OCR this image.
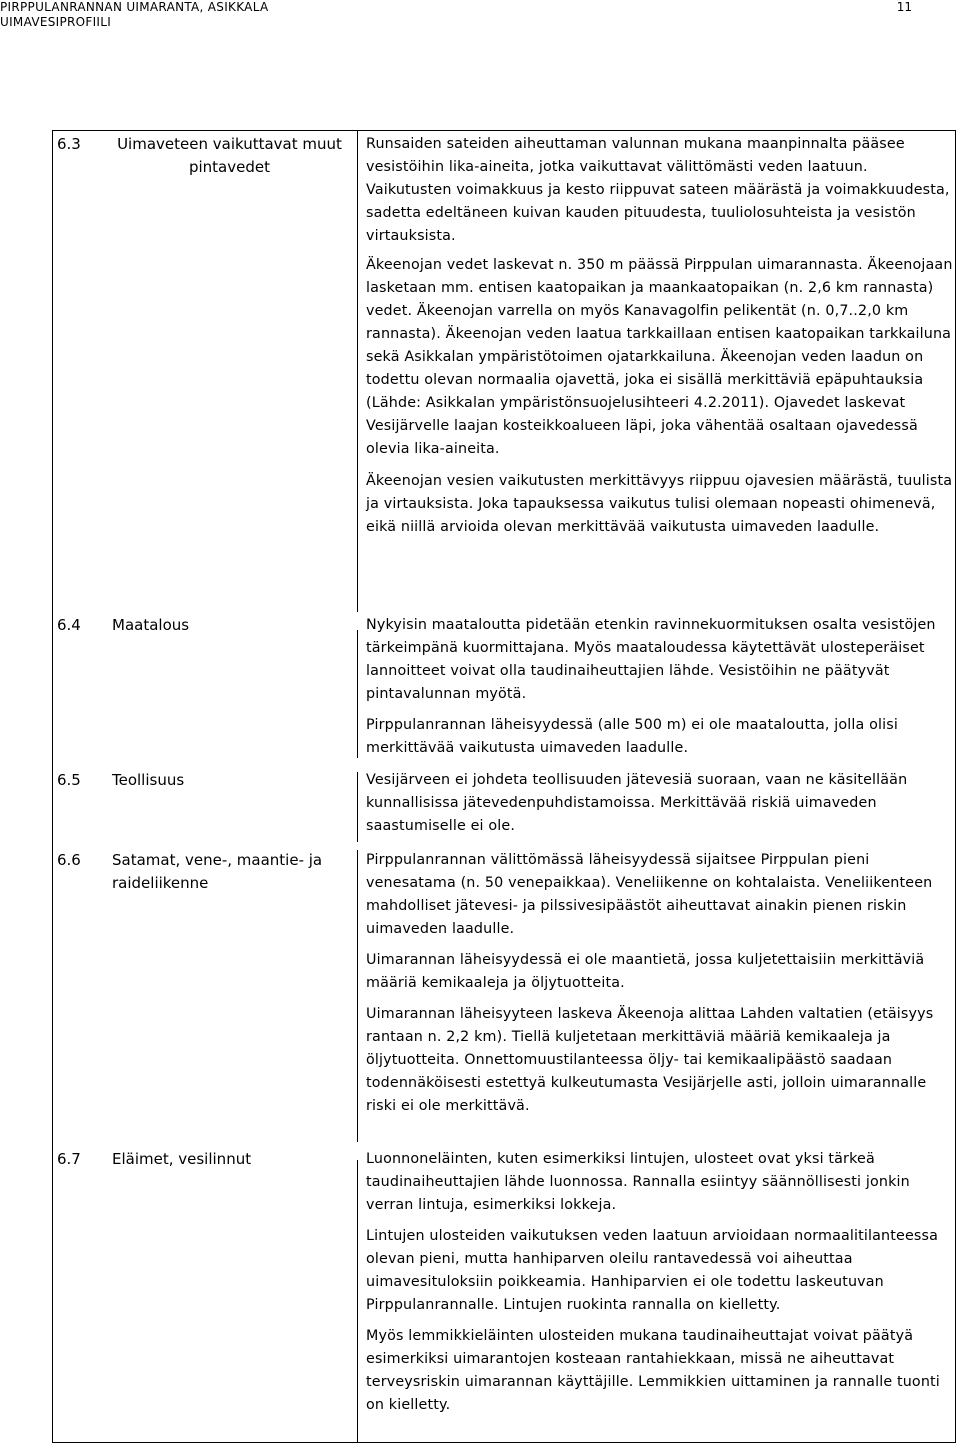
PIRPPULANRANNAN UIMARANTA, ASIKKALA
UIMAVESIPROFIILI
11
6.3	Uimaveteen vaikuttavat muut pintavedet

Runsaiden sateiden aiheuttaman valunnan mukana maanpinnalta pääsee vesistöihin lika-aineita, jotka vaikuttavat välittömästi veden laatuun. Vaikutusten voimakkuus ja kesto riippuvat sateen määrästä ja voimakkuudesta, sadetta edeltäneen kuivan kauden pituudesta, tuuliolosuhteista ja vesistön virtauksista.

Äkeenojan vedet laskevat n. 350 m päässä Pirppulan uimarannasta. Äkeenojaan lasketaan mm. entisen kaatopaikan ja maankaatopaikan (n. 2,6 km rannasta) vedet. Äkeenojan varrella on myös Kanavagolfin pelikentät (n. 0,7..2,0 km rannasta). Äkeenojan veden laatua tarkkaillaan entisen kaatopaikan tarkkailuna sekä Asikkalan ympäristötoimen ojatarkkailuna. Äkeenojan veden laadun on todettu olevan normaalia ojavettä, joka ei sisällä merkittäviä epäpuhtauksia (Lähde: Asikkalan ympäristönsuojelusihteeri 4.2.2011). Ojavedet laskevat Vesijärvelle laajan kosteikkoalueen läpi, joka vähentää osaltaan ojavedessä olevia lika-aineita.

Äkeenojan vesien vaikutusten merkittävyys riippuu ojavesien määrästä, tuulista ja virtauksista. Joka tapauksessa vaikutus tulisi olemaan nopeasti ohimenevä, eikä niillä arvioida olevan merkittävää vaikutusta uimaveden laadulle.

6.4 Maatalous	Nykyisin maataloutta pidetään etenkin ravinnekuormituksen osalta vesistöjen tärkeimpänä kuormittajana. Myös maataloudessa käytettävät ulosteperäiset lannoitteet voivat olla taudinaiheuttajien lähde. Vesistöihin ne päätyvät pintavalunnan myötä.

Pirppulanrannan läheisyydessä (alle 500 m) ei ole maataloutta, jolla olisi merkittävää vaikutusta uimaveden laadulle.

6.5 Teollisuus	Vesijärveen ei johdeta teollisuuden jätevesiä suoraan, vaan ne käsitellään kunnallisissa jätevedenpuhdistamoissa. Merkittävää riskiä uimaveden saastumiselle ei ole.

6.6 Satamat, vene-, maantie- ja raideliikenne

Pirppulanrannan välittömässä läheisyydessä sijaitsee Pirppulan pieni venesatama (n. 50 venepaikkaa). Veneliikenne on kohtalaista. Veneliikenteen mahdolliset jätevesi- ja pilssivesipäästöt aiheuttavat ainakin pienen riskin uimaveden laadulle.

Uimarannan läheisyydessä ei ole maantietä, jossa kuljetettaisiin merkittäviä määriä kemikaaleja ja öljytuotteita.

Uimarannan läheisyyteen laskeva Äkeenoja alittaa Lahden valtatien (etäisyys rantaan n. 2,2 km). Tiellä kuljetetaan merkittäviä määriä kemikaaleja ja öljytuotteita. Onnettomuustilanteessa öljy- tai kemikaalipäästö saadaan todennäköisesti estettyä kulkeutumasta Vesijärjelle asti, jolloin uimarannalle riski ei ole merkittävä.

6.7 Eläimet, vesilinnut	Luonnoneläinten, kuten esimerkiksi lintujen, ulosteet ovat yksi tärkeä taudinaiheuttajien lähde luonnossa. Rannalla esiintyy säännöllisesti jonkin verran lintuja, esimerkiksi lokkeja.

Lintujen ulosteiden vaikutuksen veden laatuun arvioidaan normaalitilanteessa olevan pieni, mutta hanhiparven oleilu rantavedessä voi aiheuttaa uimavesituloksiin poikkeamia. Hanhiparvien ei ole todettu laskeutuvan Pirppulanrannalle. Lintujen ruokinta rannalla on kielletty.

Myös lemmikkieläinten ulosteiden mukana taudinaiheuttajat voivat päätyä esimerkiksi uimarantojen kosteaan rantahiekkaan, missä ne aiheuttavat terveysriskin uimarannan käyttäjille. Lemmikkien uittaminen ja rannalle tuonti on kielletty.
